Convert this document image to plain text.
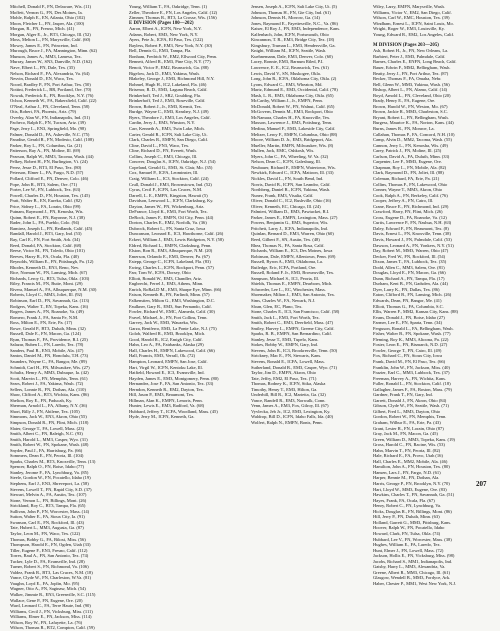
Mitchell, Donald F., FN, Delaware, Wis. (11)
Moffett, Vernon G., FN, Des Moines, Ia.
Mohle, Ralph E., EN, Atlanta, Ohio (102)
Moon, Fletcher L., FN, Jasper, Ala. (100)
Morgan, R., FN, Fresno, Mich. (41)
Morgan, Alger E., Jr., BT3, Chicago, Ill. (52)
Moss, Melton L., FN, Marysville, Calif. (60)
Mowry, James E., FN, Princeton, Ind.
Murough, Bruce J., FA, Mannington, Minn. (62)
Munson, James A., MM3, Lamesa, Tex.
Murray, James W., SN3, Danville, N.D. (162)
Nave, Elbert L., FN, Dale, Tex. (35)
Nelson, Richard F., FA, Alexandria, Va. (64)
Nesvin, Donald D., EN, Waco, Tex.
Noord, Bradley P., FN, Port Arthur, Tex. (50)
Nottini, Frederick L., BR, Portland, Ore. (70)
Nowak, Frederick E., FN, Brooklyn, N.Y. (76)
Ochoa, Kenneth W., FA, Bakersfield, Calif. (22)
O'Neal, Arthur J., FN, Cleveland, Tenn. (58)
Otis, Robert, FA, Phoenix, Ariz. (79)
Overby, Alan W., FN, Indianapolis, Ind. (51)
Pacheco, Ralph E., FN, Tucson, Ariz. (39)
Page, Jerry L., EN3, Springfield, Mo. (98)
Palmer, Donald D., FA, Asheville, N.C. (75)
Paradise, Gerald R., FN, Modesto, Calif. (108)
Parker, Roy L., FN, Columbus, Ga. (21)
Patterson, Ray A., FN, Moline, Ill. (69)
Pearson, Ralph W., MM3, Tacoma, Wash. (44)
Pelkey, Robert H., FN, Burlington, Vt. (24)
Perez, Jesse D., BT3, El Paso, Tex. (80)
Peterson, Elmer L., FA, Fargo, N.D. (57)
Pollard, Clifford E., FN, Denver, Colo. (46)
Pope, John R., BT3, Salem, Ore. (71)
Porter, Lee W., FN, Lubbock, Tex. (63)
Powell, Charles D., FN, Houston, Tex. (145)
Pratt, Walter B., EN, Eureka, Calif. (82)
Price, Sidney L., FA, Lorain, Ohio (99)
Putnam, Raymond J., FN, Kenosha, Wis.
Quinn, Robert E., FN, Bayonne, N.J. (38)
Rader, John L., FA, Pueblo, Colo. (94)
Ramirez, Joseph L., FN, Redlands, Calif. (45)
Randall, Harold J., BT3, Gary, Ind. (53)
Ray, Carl E., FN, Fort Smith, Ark. (34)
Reed, Donald, FA, Stockton, Calif. (68)
Reese, Victor M., FN, Toledo, Ohio (101)
Reeves, Harry R., FA, Ocala, Fla. (40)
Reynolds, William E., FN, Pittsburgh, Pa. (12)
Rhodes, Kenneth D., EN3, Reno, Nev.
Rice, Norman W., FN, Lansing, Mich. (67)
Richards, Leroy G., BT3, Tulsa, Okla. (103)
Riley, Francis M., FN, Butte, Mont. (29)
Rivera, Manuel A., FA, Albuquerque, N.M. (30)
Roberts, Lloyd C., MM3, Joliet, Ill. (92)
Robinson, Earl D., FN, Savannah, Ga. (113)
Rodgers, Walter T., EN, Topeka, Kans. (16)
Rogers, James A., FN, Roanoke, Va. (49)
Romero, Frank J., FA, Santa Fe, N.M.
Ross, Milton E., FN, Erie, Pa. (17)
Rowe, Gerald P., BT3, Duluth, Minn. (32)
Russell, Dale E., FN, Macon, Ga. (124)
Ryan, Thomas F., FA, Providence, R.I. (25)
Salazar, Ruben L., FN, Laredo, Tex. (78)
Sanders, Paul R., EN3, Mobile, Ala. (47)
Santos, Daniel M., FN, Honolulu, T.H. (73)
Saunders, Wayne C., FA, Bangor, Me. (89)
Schmidt, Carl H., FN, Milwaukee, Wis. (27)
Schultz, Henry A., MM3, Dubuque, Ia. (42)
Scott, Marvin L., FN, Memphis, Tenn. (61)
Sears, Robert J., FA, Yakima, Wash. (72)
Sellers, Lonnie R., FN, Dothan, Ala. (110)
Shaw, Clifford A., BT3, Wichita, Kans. (86)
Shelton, Roy E., FN, Paducah, Ky.
Sherman, Arnold L., FA, Albany, N.Y. (36)
Short, Billy J., FN, Abilene, Tex. (105)
Simmons, Jack W., EN3, Akron, Ohio (55)
Simpson, Donald R., FN, Flint, Mich. (118)
Slater, George T., FA, Lowell, Mass. (23)
Smith, Albert C., FN, Raleigh, N.C. (93)
Smith, Harold L., MM3, Casper, Wyo. (31)
Smith, Robert W., FN, Spokane, Wash. (48)
Snyder, Paul J., FA, Harrisburg, Pa. (66)
Sommers, Dean E., FN, Peoria, Ill. (104)
Sparks, Charles M., BT3, Knoxville, Tenn. (13)
Spencer, Ralph O., FN, Boise, Idaho (77)
Stanley, Jerome F., FA, Lynchburg, Va. (85)
Steele, Gordon W., FN, Pocatello, Idaho (19)
Stephens, Earl J., EN3, Shreveport, La. (58)
Stevens, Lowell T., FN, Rapid City, S.D. (37)
Stewart, Melvin A., FA, Austin, Tex. (107)
Stone, Vernon L., FN, Billings, Mont. (26)
Strickland, Roy C., BT3, Tampa, Fla. (65)
Sullivan, John P., FN, Worcester, Mass. (14)
Sutton, Walter E., FA, Sioux City, Ia. (91)
Swanson, Carl E., FN, Rockford, Ill. (43)
Tate, Hubert L., MM3, Augusta, Ga. (87)
Taylor, Leon M., FN, Waco, Tex. (122)
Thomas, Bobby G., FA, Biloxi, Miss. (56)
Thompson, Harold E., FN, Ogden, Utah (33)
Tiller, Eugene F., EN3, Fresno, Calif. (112)
Torres, Raul A., FN, San Antonio, Tex. (74)
Tucker, Lyle D., FA, Evansville, Ind. (28)
Turner, Robert S., FN, Richmond, Va. (106)
Valdez, Frank R., BT3, Las Cruces, N.M. (18)
Vance, Clyde W., FN, Charleston, W.Va. (81)
Vaughn, Loyd E., FA, Joplin, Mo. (95)
Wagner, Otto A., FN, Saginaw, Mich. (54)
Walker, Jimmie R., EN3, Greenville, S.C. (115)
Wallace, Gene P., FN, Eugene, Ore. (20)
Ward, Leonard C., FA, Terre Haute, Ind. (90)
Williams, Cecil J., FN, Vicksburg, Miss. (111)
Williams, Elmer E., FN, Jackson, Miss. (114)
Wilson, Roy W., FN, Lafayette, La. (76)
Wilson, Thomas R., BT2, Compton, Calif. (59)
Young, William T., FA, Oakridge, Tenn. (1)
Zeller, Theodore E., FN, Los Angeles, Calif. (12)
Zimmer, Thomas R., BT3, La Crosse, Wis. (156)
E DIVISION (Pages 180—202)
Aaron, Elbert A., ICFN, New York, N.Y.
Adams, Robert, EM3, New York, N.Y.
Ayers, Pete Jr., ICFA, El Paso, Tex. (122)
Bayless, Robert P., EM3, New York, N.Y. (30)
Bell, Dennis G., EM3, Tampa, Fla.
Bonham, Fredrick W., EM2, Ellwood City, Penn.
Bennett, Alfred R., EM3, Pine City, N.Y. (77)
Benoit, Victor P., EM2, Brunswick, Ga. (88)
Bigelow, Jack D., EM3, Yakima, Wash.
Blakeley, George J., EM3, Richmond Hill, N.Y.
Bohmel, Hugh H., IC2, Lakeland, Fla. (46)
Brisenor, R. D., EM3, Laguna Beach, Calif.
Brinkerhoff, Ted J., SR2, Goulding, Fla.
Brinkerhoff, Ted J., EM3, Roseville, Calif.
Brown, Robert J., Jr., EM3, Kermit, Tex.
Burdge, Wayne C., EM3, Keasbey, N.J. (49)
Byers, Theodore J., EM3, Los Angeles, Calif.
Cardin, Jerry J., EM3, Winston, N.Y.
Carr, Kenneth A., EM3, Twin Lake, Mich.
Carter, Gerald R., ICFN, Salt Lake City, Ut.
Clark, Charles R., EMFN, San Diego, Calif.
Cline, David L., FN3, Waco, Tex.
Cline, Richard D., FN, Everett, Wash.
Collins, Joseph C., EM3, Chicago, Ill.
Conover, Douglas S., ICFN, Oakridge, N.J. (54)
Copeland, Gerald G., EM3, St. Clair, Mo. (35)
Cox, Samuel P., ICFA, Leominster, Ill.
Craig, William L., IC3, Stockton, Calif. (24)
Crull, Donald J., EM3, Brownstown, Ind. (52)
Cyrus, Cecil F., ICFN, Las Cruces, N.M.
Darrell, L. E., EMFN, Kingston, Hawaii (5)
Davidson, Lenwood L., ICFN, Clarksburg, Ky.
Dayton, James W., FN, Wickenburg, Ariz.
DeFrance, Lloyd K., EM3, Fort Worth, Tex.
DeRock, James F., EMFN, Oil City, Penn. (44)
Dorton, Charles E., EM2, Norfolk, Va. (36)
Dubrock, Robert L., FN, Santa Cruz, Iowa
Duncanson, Leonard E., IC3, Hawthorne, Calif. (26)
Eckert, William J., EM3, Lewis Bridgeton, N.Y. (58)
Eldred, Richard L., EMFN, Clarksburg, Penn.
Elston, Ron R., EM3, Albuquerque, N.M. (20)
Emerson, Orlando E., EM3, Denver, Pa. (67)
Estepp, George C., ICFN, Lakeland, Fla. (83)
Ewing, Charles L., ICFN, Rockport, Penn. (57)
Farr, Tom W., ICFA, Dorsey, Ohio
Elliott, Ronald W., EM3, Chandler, Ariz.
Engbrecht, Ferrel J., EM3, Athens, Minn.
Enrich, RoRaLD M., EM3, Sharpe Eye, Minn. (66)
Faison, Kenneth B., FN, Farlindt, Minn. (57)
Falkenstien, Milton G., EM3, Washington, D.C.
Faulkner, Gary R., EM3, Sun Fernando, Calif.
Fowler, Richard W., EMC, Alameda, Calif. (30)
Fravel, Michael, Jr., FN, Fort Collins, Tenn.
Garvey, Jack W., EM3, Wauzeka, Wis.
Garza, Beniferro, EM3, La Ponte Lake, N.J. (75)
Golob, Walfred R., EM3, Brooklyn, Mich.
Good, Harold R., IC2, Emigh City, Calif.
Hahn, Leo A., FA, Fairbanks, Alaska (29)
Hall, Charles H., EMFN, Lakewood, Calif. (66)
Hall, Francis, EM3, Verrall, Ok. (72)
Hampton, Leonard, EMFN, San Jose, Calif.
Hart, Virgil W., ICFN, Kentoku Lake, Ill.
Hatfield, Howard E., IC3, Evansville, Ind.
Hayden, James E., EM3, Montgomery, Penn. (80)
Hernandez, Jose F., FA, San Antonio, Tex. (33)
Herndon, Kenneth R., EM2, Dayton, Tex.
Hill, Jason P., EM3, Beaumont, Tex.
Hillman, Alan K., EMFN, Lenoris, Penn.
Hunter, Lewis E., EM3, Radford, Va. (68)
Hubbard, Jeffery T., ICFA, Woodland, Mass. (45)
Hyde, Jerry M., ICFN, Kenneth, Ga.
Jensen, Joseph A., ICFN, Salt Lake City, Ut. (5)
Johnson, Thomas H., FN, Gie City, Ind. (61)
Johnson, Dennis H., Morrow, Ga. (14)
Jones, Raymond E., Fayettesville, N.C., Va. (86)
Kaiser, El Roy J., FN, EM3, Independence, Kans.
Kalfenbach, John, ICFN, Portsmouth, Ohio
Kincannon, T. R., EM3, Bridge City, Tex. (18)
Kingsbury, Truman L., EM3, Hendersville, Ga.
Knight, William M., ICFN, Seattle, Wash.
Kuehnemann, Dale, EM3, Denver, Colo. (60)
Lacey, Ronnie, EM3, Barnum Riled, P.I.
Lawrence, E. E., IC2, Brunswick, Tex. (61)
Lewis, David V., SN, Muskogee, Okla.
Long, John R., ICFA, Oklahoma City, Okla. (2)
Lyons, Edward C., EM3, Wheaton, Md.
Martz, Edmund E., EM3, Occidental, Calif. (78)
Mash, L. R., EM3, Oklahoma City, Okla. (65)
McCarthy, William J., Jr., EMFN, Penn.
McDonald, Robert W., FN, Walnut, Calif. (65)
McGovern, Dennis M., EM3, Rockport, Ohio
McNamara, Charles H., FA, Knoxville, Tex.
Maxson, Lawrence J., EM3, Pottsburg, Tenn.
Medina, Manuel F., EM3, Lakeside City, Calif.
Meltzer, Leroy F., EMFN, Columbus, Ohio (88)
Moore, William D. Jr., EM3, Bridgeport, Ala.
Mueller, Martin, EMFN, Milwaukee, Wis. (8)
Mullen, Jack, EMC, Oshkosh, Wis.
Myers, John C., FA, Wheeling, W. Va. (32)
Nelson, Dean C., ICFN, Galesburg, Ill.
Neubauer, Richard F., EMFN, Watertown, Wis.
Newkirk, Edward C., ICFA, Mattoon, Ill. (33)
Nickles, David L., FN, South Bend, Ind.
Norris, David B., ICFN, San Leandro, Calif.
Northberg, Daniel R., ICFN, Yakima, Wash.
Nunez, Frank, EM3, Visalia, Calif.
Oliver, Donald C., IC2, Rushville, Ohio (16)
Oliver, Kenneth, EC, Chicago, Ill. (24)
Palmieri, William D., EM3, Pawtucket, R.I.
Parker, James E., EMFN, Lexington, Mass. (27)
Powers, Benjamin G., EM3, Superior, Wis.
Pritchett, Larry J., ICFA, Indianapolis, Ind.
Quinlan, Bernard D., EM3, Warren, Ohio (60)
Reed, Gilbert F., SN, Austin, Tex. (48)
Rhea, Thomas N., FA, Santa Rosa, Calif.
Richards, William E., IC3, Des Moines, Iowa
Robinson, Dale, EMFN, Allentown, Penn. (69)
Russell, Byron A., EM3, Oklahoma, La.
Rutledge, Eric, ICFA, Portland, Ore.
Russell, Roland F. Jr., EM3, Brownsville, Tex.
Sampson, Michael S., IC1, Peoria, Ill.
Shields, Thomas E., EMFN, Dearborn, Mich.
Schroeder, Lee L., EC, Winchester, Mass.
Shoemaker, Milton J., EM3, San Antonio, Tex.
Sims, Charles W., FA, Newark, N.J.
Sloan, Glen, EC, Plano, Tex.
Stone, Charles E., IC3, San Francisco, Calif. (58)
Smith, Jack L., EM3, Fort Worth, Tex.
Smith, Robert C., EM3, Deerfield, Mass. (47)
Smiley, Harvey L., EMFN, Greene City, Calif.
Sparks, R. B., EMFN, San Bernardino, Calif.
Stanley, Jesse T., EM3, Tupelo, Kans.
Stokes, Bobby W., EMFN, Gary, Ind.
Stevens, John R., IC3, Brookresville, Tenn. (50)
Strickney, Mac E., FN, Stewarts, Kans.
Stevens, Ronald E., ICFA, Lowell, Mass.
Sutherland, Donald B., EM3, Casper, Wyo. (71)
Taylor, Jim D., EMFN, Akron, Ohio
Tate, Jeffry, EM2, El Paso, Tex. (71)
Thomas, Rodney K., ICFN, Sitka, Alaska
Timothy, Henry T., EM3, Hilton, Ga.
Underhill, Bill R., IC2, Marietta, Ga. (32)
Vance, Randell R., EM3, Norwalk, Conn.
Venn, James A., EM3, Fox, Gilroy, Ill. (67)
Vyvlecka, Jeb Jr., IC2, EM3, Lexington, Ky.
Waldrop, Bill D., ICFN, Idaho Falls, Ida. (40)
Wolfert, Ralph N., EMFN, Bonis, Penn.
Wiley, Larry, EMFN, Marysville, Wash.
Williams, Victor V., EM2, San Diego, Calif.
Wilson, Carl W., EMC, Houston, Tex. (39)
Windham, Ernest L., ICFN, Saint Louis, Mo.
Wright, Roger W., EM3, Louisville, Ky.
Young, Edward R., EM2, Los Angeles, Calif.
M DIVISION (Pages 203—205)
Ash, Robert H., Jr., FN, New Orleans, La.
Barbieri, Peter J., EM3, Palmdale, Calif.
Barnes, Charles E., ENFN, Long Beach, Calif.
Bauer, Edwin F., MM2, Bellingham, Wash.
Beatty, Jerry J., FN, Port Arthur, Tex. (87)
Becker, Thomas F., FA, Omaha, Nebr.
Bell, Glenn W., MM3, Yakima, Wash. (56)
Bishop, Albert L., FN, Alamo, Calif. (14)
Boyd, Arnold L., FN, Cleveland, Ohio (20)
Brady, Henry E., FA, Eugene, Ore.
Brown, Harold W., FN, Weston, Mo. (67)
Brown, Jackie R., MM3, Charleston, S.C.
Bryant, Robert L., FN, Bellingham, Wash.
Burgess, Maurice K., FA, Norton, Kans. (44)
Burns, James R., FN, Monroe, La.
Callahan, Thomas P., FA, Concord, N.H. (10)
Camp, Alvin D., MM2, Tacoma, Wash. (55)
Cannon, Jerry L., FN, Kenosha, Wis. (49)
Carey, Patrick J., FN, Moline, Ill. (25)
Carlson, David A., FA, Duluth, Minn. (33)
Carpenter, Lee F., MM3, Eugene, Ore.
Chapman, Roy L., FN, Mobile, Ala. (82)
Clark, Raymond D., FN, Joliet, Ill. (88)
Coleman, Richard, FA, Erie, Pa. (21)
Collins, Thomas F., FN, Lakewood, Ohio
Conner, Wayne T., MM3, Akron, Ohio
Cook, Ralph A., FN, Berkeley, Calif. (76)
Cooper, Jeffrey A., FN, Cairo, Ill.
Crane, Bruce E., FN, Richmond, Ind. (29)
Crawford, Harry, FN, Flint, Mich. (26)
Cross, Eugene D., FA, Roanoke, Va. (12)
Curtis, Lawrence P., FN, Nashua, N.H. (63)
Daley, Edward F., FN, Beaumont, Tex. (8)
Davis, Ernest L., FN, Knoxville, Tenn. (38)
Davis, Howard J., FN, Palmdale, Calif. (53)
Dawson, Leonard A., FN, Yonkers, N.Y. (51)
Day, Robert M., MM3, Warren, Ohio (47)
Decker, Fred W., FN, Rockford, Ill. (54)
Dixon, James T., FA, Lubbock, Tex. (35)
Dodd, Allen C., MM3, Salem, Ore. (81)
Douglas, Lloyd E., FN, Macon, Ga. (66)
Dunn, Richard A., FN, Tampa, Fla. (17)
Durham, Kent B., FN, Gadsden, Ala. (44)
Dyer, Larry K., FN, Dallas, Tex. (86)
Eaton, Clifford B., FN, Lansing, Mich. (26)
Edwards, Dean, FN, Bangor, Me. (41)
Elliott, Thomas G., FA, Columbia, S.C.
Ellis, Warren F., MM2, Kansas City, Kans. (88)
Evans, Donald J., FN, Boise, Idaho (27)
Farmer, Lee E., FN, Sparta, Tenn. (34)
Ferguson, Ronald L., FA, Bellingham, Wash.
Fisher, Walter B., FN, Spokane, Wash. (77)
Fleming, Roy K., MM3, Altoona, Pa. (22)
Foster, Leon E., FN, Bismarck, N.D. (27)
Fowler, George T., FN, Cairo, Ill. (49)
Fox, Richard C., FN, Sioux City, Iowa
Frank, David M., FN, El Paso, Tex. (66)
Franklin, John W., FN, Jackson, Miss. (40)
Frazier, Earl C., MM3, Lubbock, Tex. (37)
Freeman, Harvey A., FN, Wichita, Kans.
Fuller, Ronald L., FN, Stockton, Calif. (18)
Gallagher, James F., FA, Boston, Mass. (79)
Gardner, Frank T., FN, Gary, Ind.
Garrett, Donald J., FN, Akron, Ohio (84)
Gibson, Clyde W., FN, Seattle, Wash. (71)
Gilbert, Fred L., MM3, Dayton, Ohio
Gordon, Robert W., FN, Memphis, Tenn.
Graham, Wilbur E., FA, Erie, Pa. (43)
Grant, Lester R., FN, Lorain, Ohio (87)
Gray, Jack M., FN, Macon, Ga. (45)
Green, William D., MM3, Topeka, Kans. (19)
Gross, Harold C., FN, Racine, Wis. (53)
Hahn, Marvin T., FN, Peoria, Ill. (82)
Hale, Richard E., FA, Provo, Utah (16)
Hall, Charles E., MM2, Mobile, Ala. (46)
Hamilton, John A., FN, Houston, Tex. (80)
Hansen, Lars J., FN, Fargo, N.D. (61)
Harper, Bennie M., FN, Dothan, Ala.
Harris, George P., FN, Brooklyn, N.Y. (70)
Hart, Lloyd W., MM3, Eugene, Ore. (83)
Hawkins, Charles T., FN, Savannah, Ga. (51)
Hayes, Frank, FA, Ocala, Fla. (67)
Henry, Robert C., FN, Lynchburg, Va.
Hicks, Douglas R., FN, Billings, Mont. (86)
Hill, Jerry P., FN, Duluth, Minn. (63)
Holland, Garrett G., MM3, Pittsburg, Kans.
Hoover, Ralph W., FN, Pocatello, Idaho
Howard, Clark, FN, Tulsa, Okla. (74)
Hubbard, Lee V., FN, Worcester, Mass. (38)
Hughes, William E., FA, Laredo, Tex.
Hunt, Elmer J., FN, Lowell, Mass. (72)
Jackson, Hollis E., FN, Vicksburg, Miss. (98)
Jacobs, Richard S., MM1, Indianapolis, Ind.
Gatsby, Harry L., MM3, Alexandria, Va.
Greene, Albert R., MM3, Chicago, Ill. (61)
Glasgow, Wendell B., MM3, Fordyce, Ark.
Haber, Chester P., MM1, West New York, N.J.
207
